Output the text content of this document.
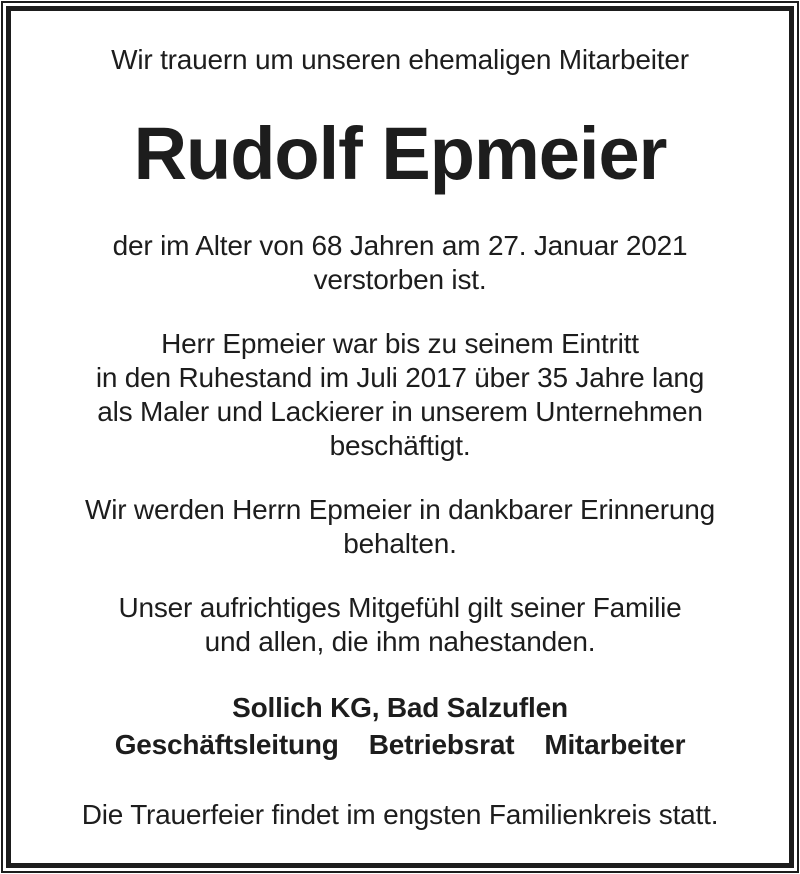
Wir trauern um unseren ehemaligen Mitarbeiter
Rudolf Epmeier
der im Alter von 68 Jahren am 27. Januar 2021
verstorben ist.
Herr Epmeier war bis zu seinem Eintritt
in den Ruhestand im Juli 2017 über 35 Jahre lang
als Maler und Lackierer in unserem Unternehmen
beschäftigt.
Wir werden Herrn Epmeier in dankbarer Erinnerung
behalten.
Unser aufrichtiges Mitgefühl gilt seiner Familie
und allen, die ihm nahestanden.
Sollich KG, Bad Salzuflen
Geschäftsleitung Betriebsrat Mitarbeiter
Die Trauerfeier findet im engsten Familienkreis statt.
